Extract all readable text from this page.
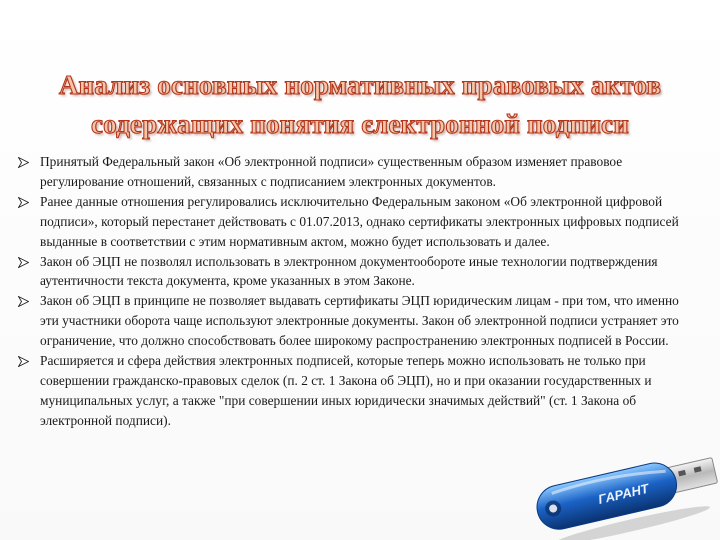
Анализ основных нормативных правовых актов
содержащих понятия єлектронной подписи
Принятый Федеральный закон «Об электронной подписи» существенным образом изменяет правовое регулирование отношений, связанных с подписанием электронных документов.
Ранее данные отношения регулировались исключительно Федеральным законом «Об электронной цифровой подписи», который перестанет действовать с 01.07.2013, однако сертификаты электронных цифровых подписей выданные в соответствии с этим нормативным актом, можно будет использовать и далее.
Закон об ЭЦП не позволял использовать в электронном документообороте иные технологии подтверждения аутентичности текста документа, кроме указанных в этом Законе.
Закон об ЭЦП в принципе не позволяет выдавать сертификаты ЭЦП юридическим лицам - при том, что именно эти участники оборота чаще используют электронные документы. Закон об электронной подписи устраняет это ограничение, что должно способствовать более широкому распространению электронных подписей в России.
Расширяется и сфера действия электронных подписей, которые теперь можно использовать не только при совершении гражданско-правовых сделок (п. 2 ст. 1 Закона об ЭЦП), но и при оказании государственных и муниципальных услуг, а также "при совершении иных юридически значимых действий" (ст. 1 Закона об электронной подписи).
ГАРАНТ
